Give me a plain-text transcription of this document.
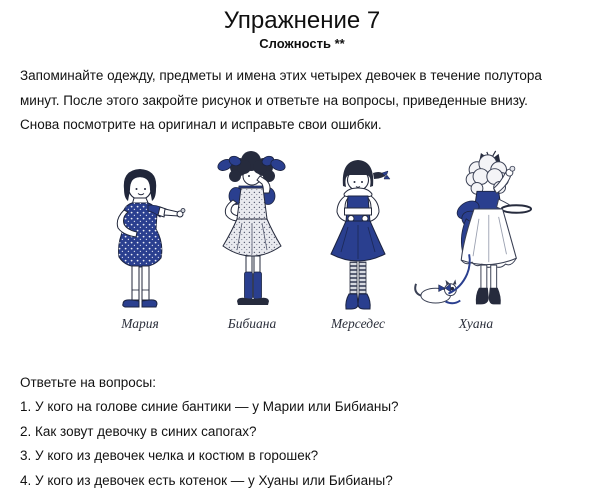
Упражнение 7
Сложность **
Запоминайте одежду, предметы и имена этих четырех девочек в течение полутора
минут. После этого закройте рисунок и ответьте на вопросы, приведенные внизу.
Снова посмотрите на оригинал и исправьте свои ошибки.
Мария	Бибиана	Мерседес	Хуана
Ответьте на вопросы:
1. У кого на голове синие бантики — у Марии или Бибианы?
2. Как зовут девочку в синих сапогах?
3. У кого из девочек челка и костюм в горошек?
4. У кого из девочек есть котенок — у Хуаны или Бибианы?
